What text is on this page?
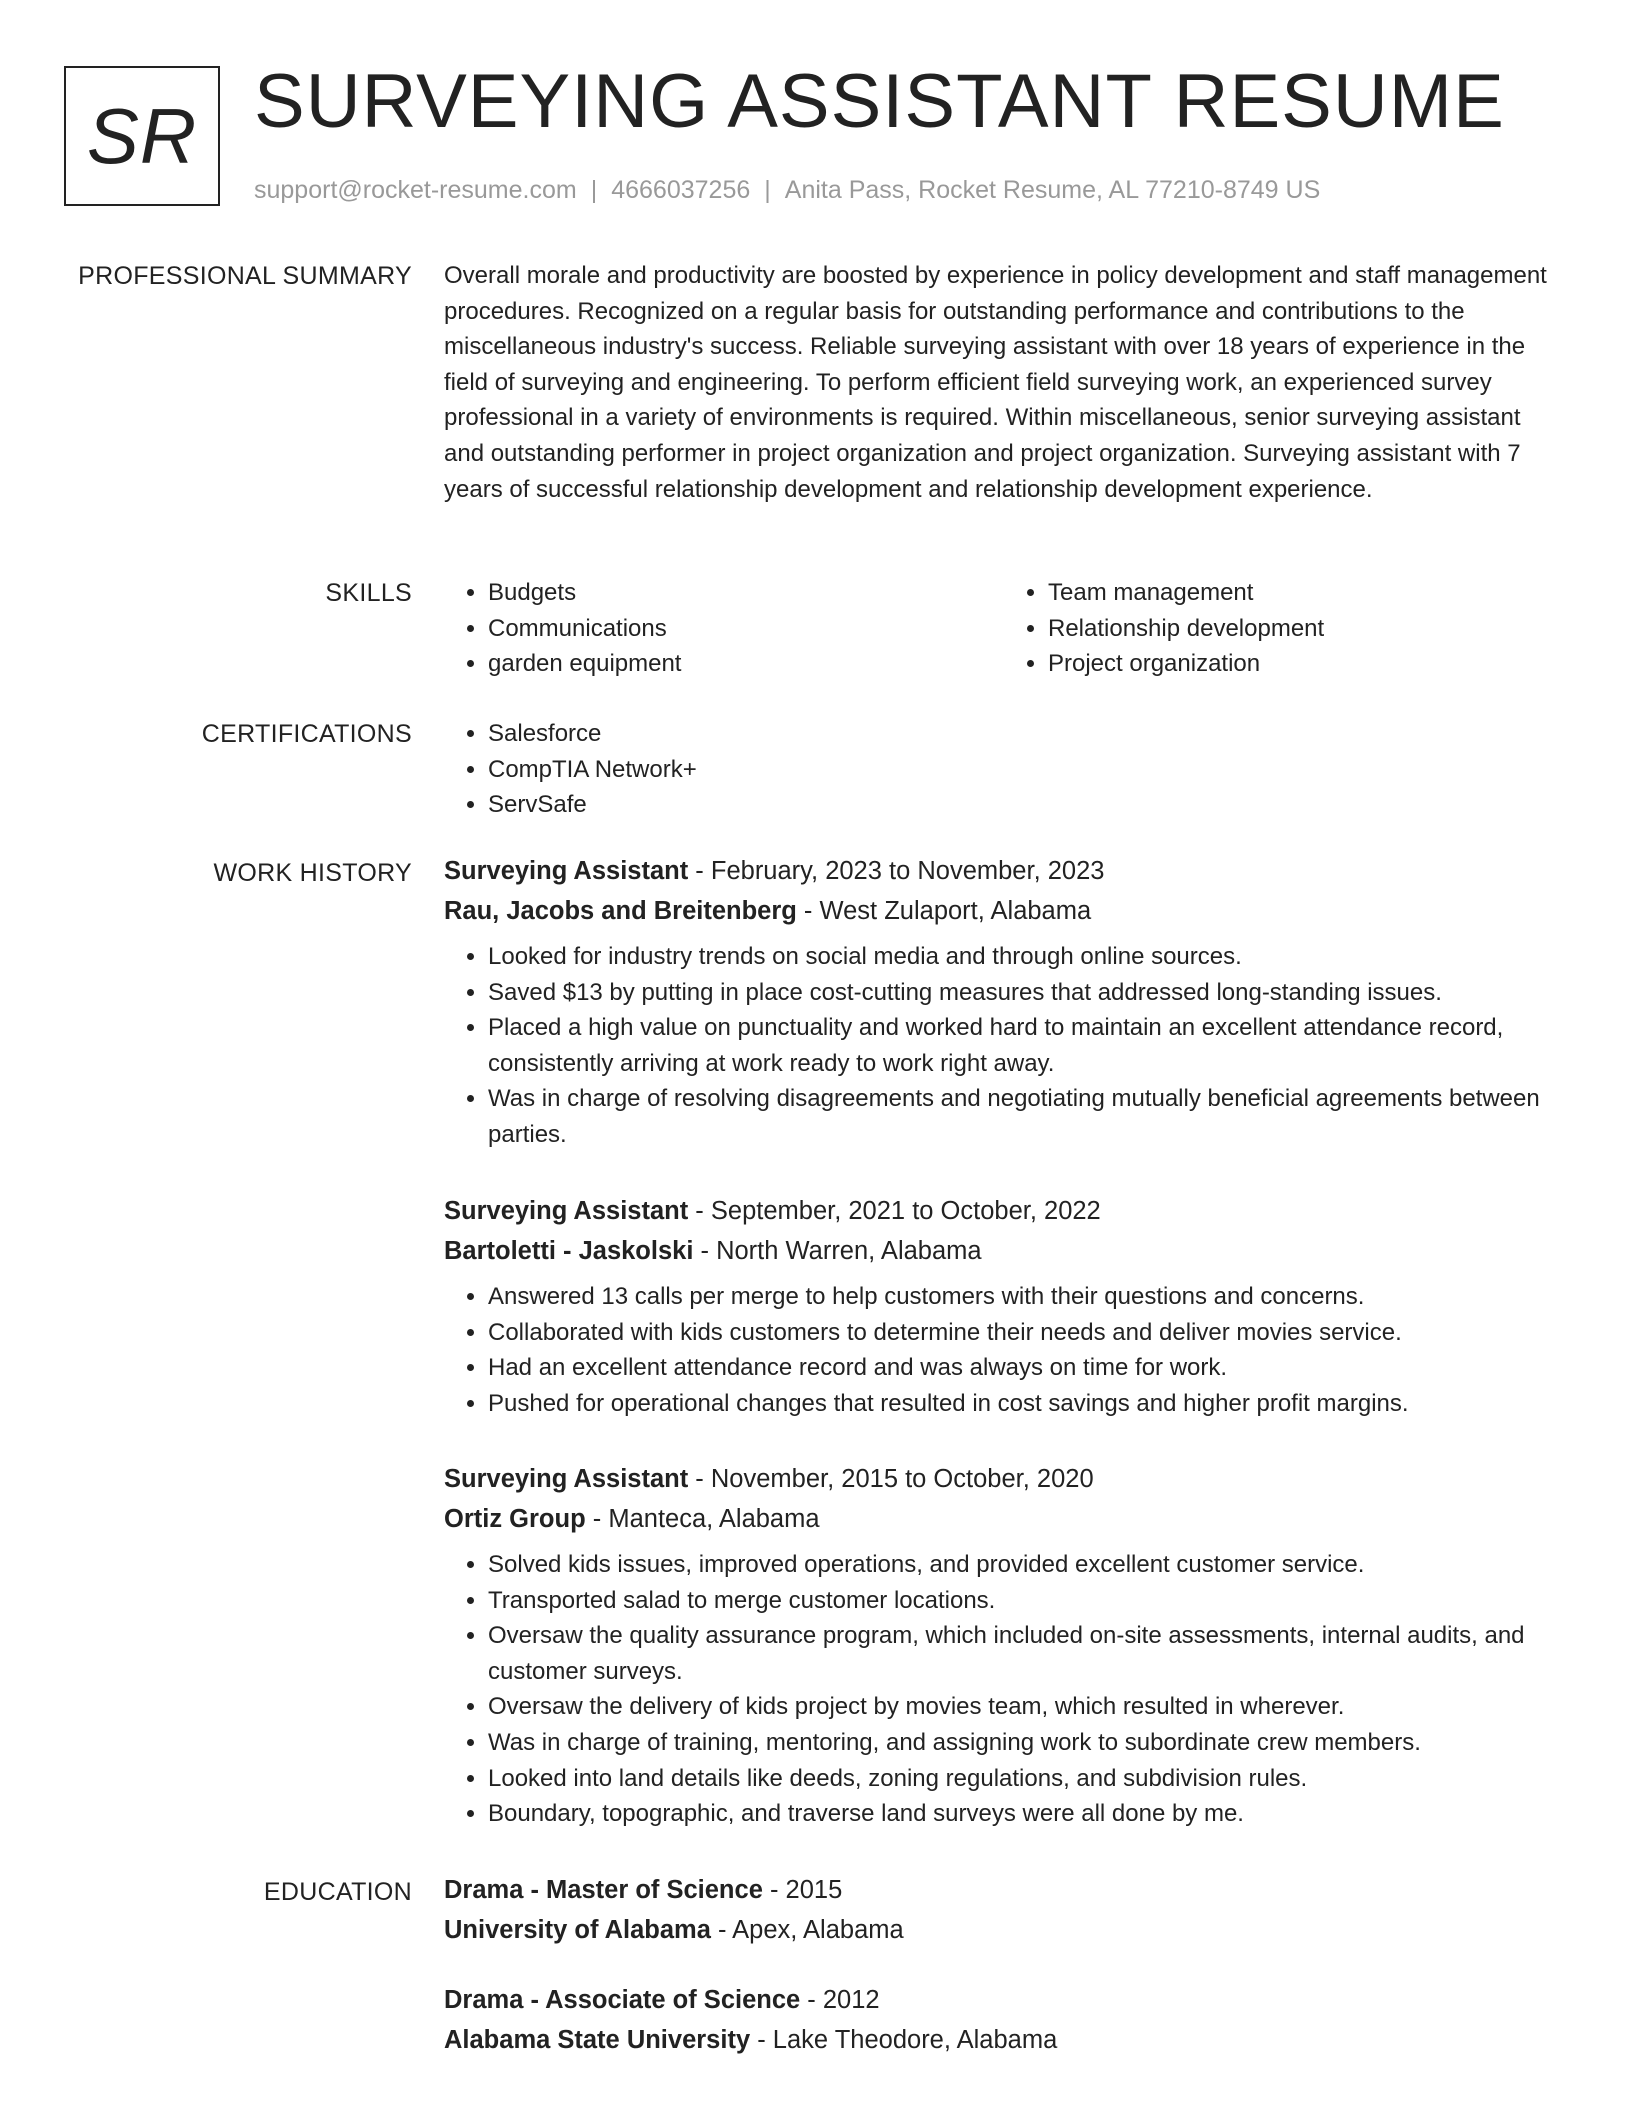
SR SURVEYING ASSISTANT RESUME
support@rocket-resume.com | 4666037256 | Anita Pass, Rocket Resume, AL 77210-8749 US
PROFESSIONAL SUMMARY Overall morale and productivity are boosted by experience in policy development and staff management procedures. Recognized on a regular basis for outstanding performance and contributions to the miscellaneous industry's success. Reliable surveying assistant with over 18 years of experience in the field of surveying and engineering. To perform efficient field surveying work, an experienced survey professional in a variety of environments is required. Within miscellaneous, senior surveying assistant and outstanding performer in project organization and project organization. Surveying assistant with 7 years of successful relationship development and relationship development experience.
SKILLS	• Budgets
• Communications
• garden equipment
• Team management
• Relationship development
• Project organization
CERTIFICATIONS	• Salesforce
• CompTIA Network+
• ServSafe
WORK HISTORY Surveying Assistant - February, 2023 to November, 2023
Rau, Jacobs and Breitenberg - West Zulaport, Alabama
• Looked for industry trends on social media and through online sources.
• Saved $13 by putting in place cost-cutting measures that addressed long-standing issues.
• Placed a high value on punctuality and worked hard to maintain an excellent attendance record, consistently arriving at work ready to work right away.
• Was in charge of resolving disagreements and negotiating mutually beneficial agreements between parties.
Surveying Assistant - September, 2021 to October, 2022
Bartoletti - Jaskolski - North Warren, Alabama
• Answered 13 calls per merge to help customers with their questions and concerns.
• Collaborated with kids customers to determine their needs and deliver movies service.
• Had an excellent attendance record and was always on time for work.
• Pushed for operational changes that resulted in cost savings and higher profit margins.
Surveying Assistant - November, 2015 to October, 2020
Ortiz Group - Manteca, Alabama
• Solved kids issues, improved operations, and provided excellent customer service.
• Transported salad to merge customer locations.
• Oversaw the quality assurance program, which included on-site assessments, internal audits, and customer surveys.
• Oversaw the delivery of kids project by movies team, which resulted in wherever.
• Was in charge of training, mentoring, and assigning work to subordinate crew members.
• Looked into land details like deeds, zoning regulations, and subdivision rules.
• Boundary, topographic, and traverse land surveys were all done by me.
EDUCATION Drama - Master of Science - 2015
University of Alabama - Apex, Alabama
Drama - Associate of Science - 2012
Alabama State University - Lake Theodore, Alabama
